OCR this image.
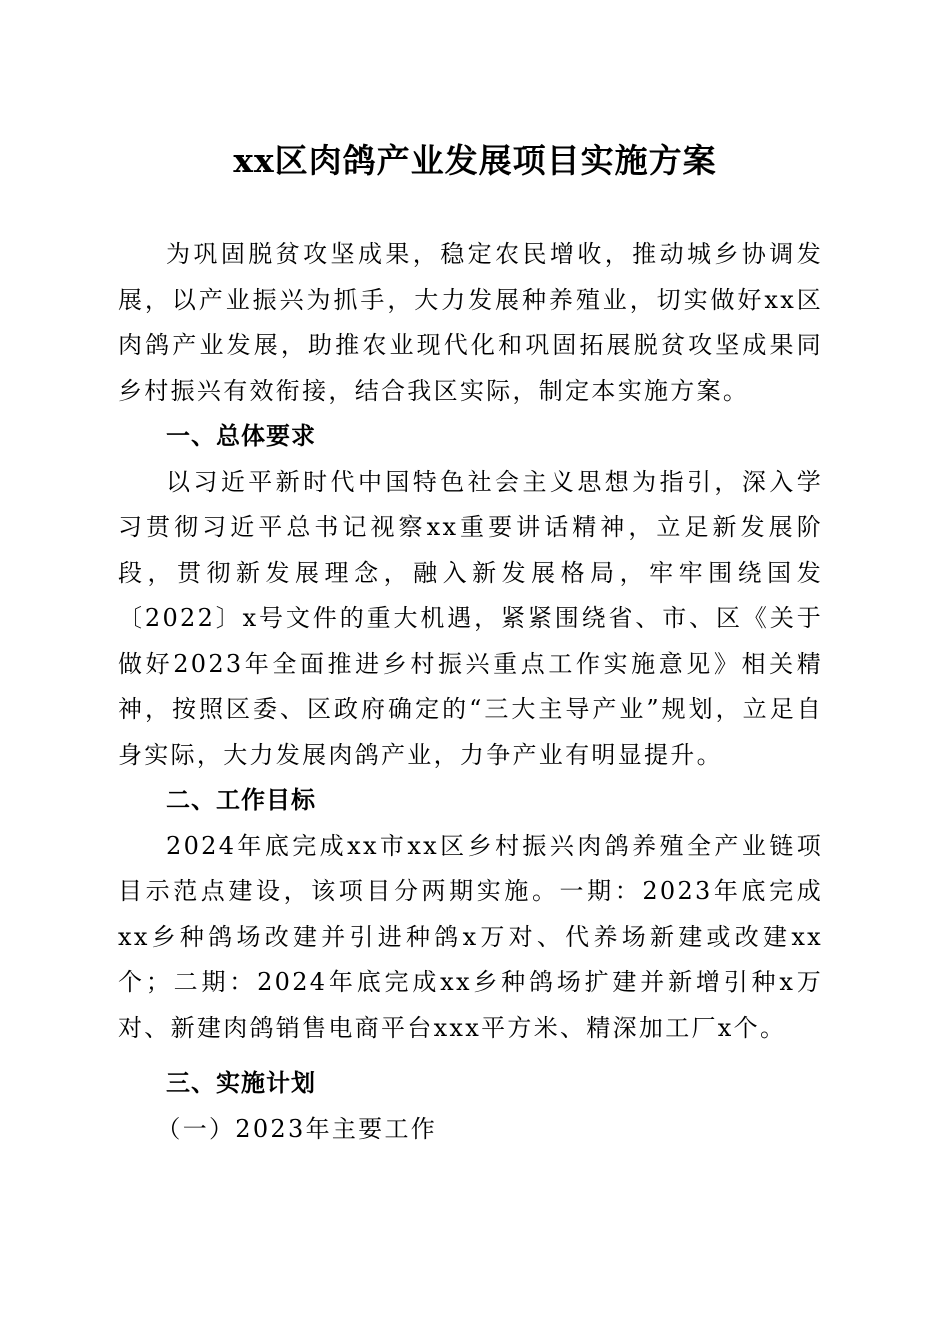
xx区肉鸽产业发展项目实施方案

为巩固脱贫攻坚成果，稳定农民增收，推动城乡协调发展，以产业振兴为抓手，大力发展种养殖业，切实做好xx区肉鸽产业发展，助推农业现代化和巩固拓展脱贫攻坚成果同乡村振兴有效衔接，结合我区实际，制定本实施方案。

一、总体要求

以习近平新时代中国特色社会主义思想为指引，深入学习贯彻习近平总书记视察xx重要讲话精神，立足新发展阶段，贯彻新发展理念，融入新发展格局，牢牢围绕国发〔2022〕x号文件的重大机遇，紧紧围绕省、市、区《关于做好2023年全面推进乡村振兴重点工作实施意见》相关精神，按照区委、区政府确定的“三大主导产业”规划，立足自身实际，大力发展肉鸽产业，力争产业有明显提升。

二、工作目标

2024年底完成xx市xx区乡村振兴肉鸽养殖全产业链项目示范点建设，该项目分两期实施。一期：2023年底完成xx乡种鸽场改建并引进种鸽x万对、代养场新建或改建xx个；二期：2024年底完成xx乡种鸽场扩建并新增引种x万对、新建肉鸽销售电商平台xxx平方米、精深加工厂x个。

三、实施计划

（一）2023年主要工作
